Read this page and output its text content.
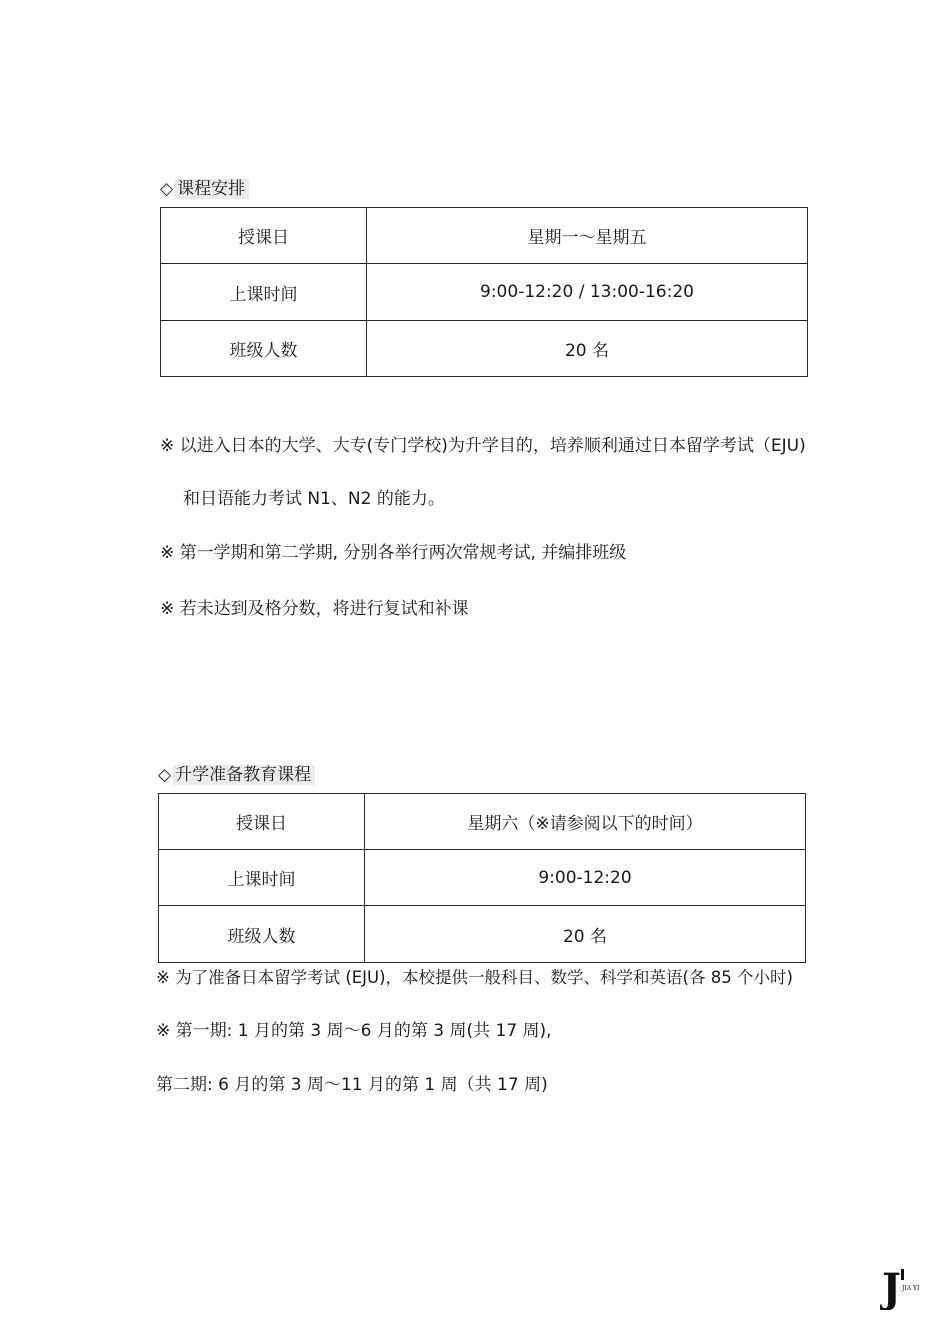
◇ 课程安排
授课日	星期一～星期五
上课时间	9:00-12:20 / 13:00-16:20
班级人数	20 名
※ 以进入日本的大学、大专(专门学校)为升学目的，培养顺利通过日本留学考试（EJU)
和日语能力考试 N1、N2 的能力。
※ 第一学期和第二学期, 分别各举行两次常规考试, 并编排班级
※ 若未达到及格分数，将进行复试和补课
◇ 升学准备教育课程
授课日	星期六（※请参阅以下的时间）
上课时间	9:00-12:20
班级人数	20 名
※ 为了准备日本留学考试 (EJU)，本校提供一般科目、数学、科学和英语(各 85 个小时)
※ 第一期: 1 月的第 3 周～6 月的第 3 周(共 17 周),
第二期: 6 月的第 3 周～11 月的第 1 周（共 17 周)
J JIA YI
